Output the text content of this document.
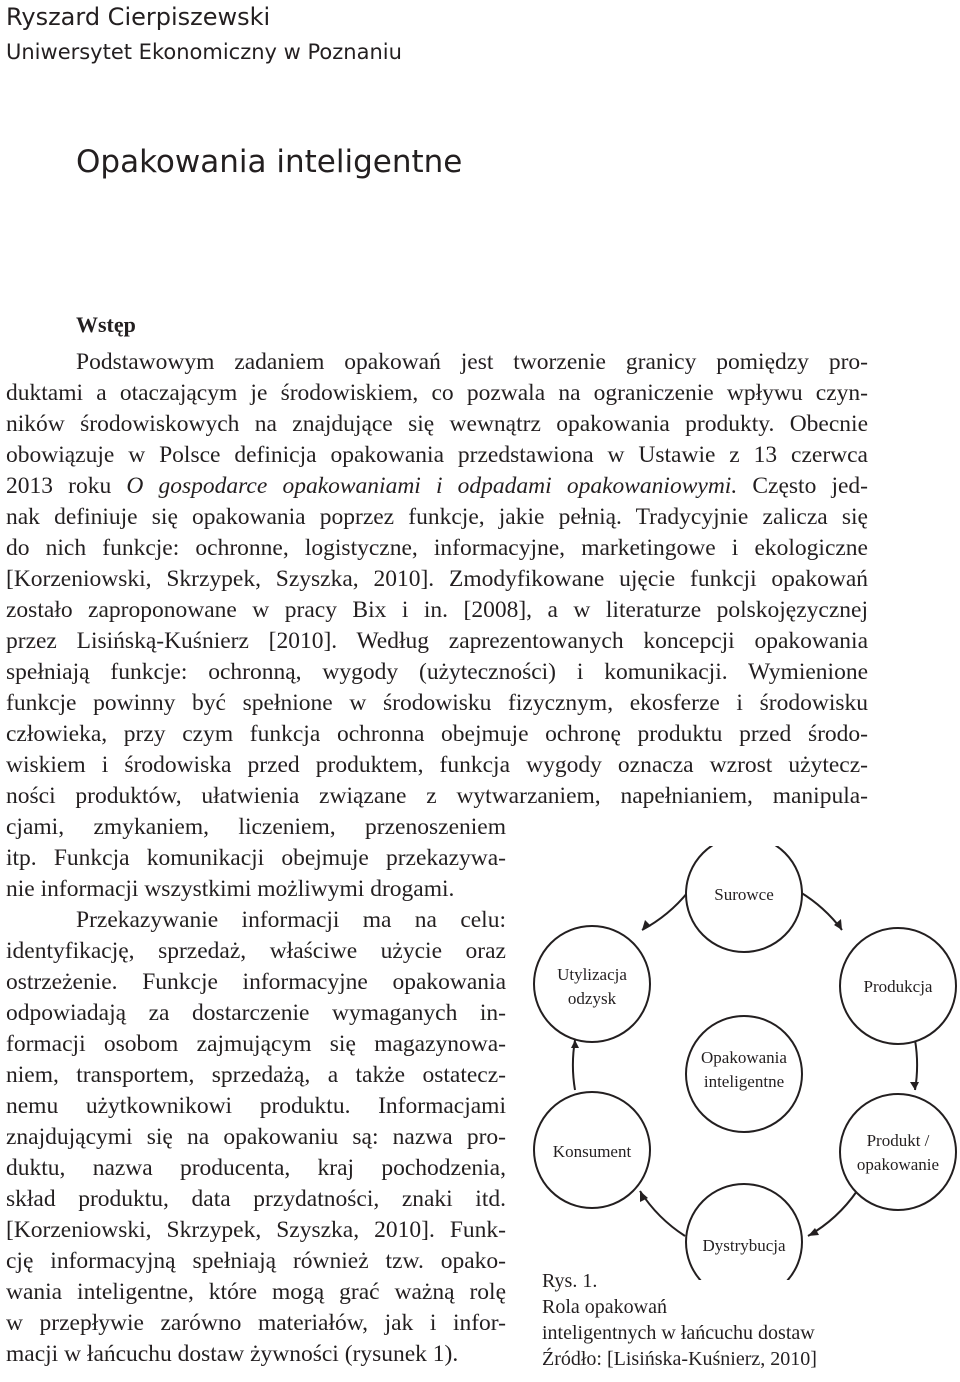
Ryszard Cierpiszewski
Uniwersytet Ekonomiczny w Poznaniu
Opakowania inteligentne
Wstęp
Podstawowym zadaniem opakowań jest tworzenie granicy pomiędzy pro-
duktami a otaczającym je środowiskiem, co pozwala na ograniczenie wpływu czyn-
ników środowiskowych na znajdujące się wewnątrz opakowania produkty. Obecnie
obowiązuje w Polsce definicja opakowania przedstawiona w Ustawie z 13 czerwca
2013 roku O gospodarce opakowaniami i odpadami opakowaniowymi. Często jed-
nak definiuje się opakowania poprzez funkcje, jakie pełnią. Tradycyjnie zalicza się
do nich funkcje: ochronne, logistyczne, informacyjne, marketingowe i ekologiczne
[Korzeniowski, Skrzypek, Szyszka, 2010]. Zmodyfikowane ujęcie funkcji opakowań
zostało zaproponowane w pracy Bix i in. [2008], a w literaturze polskojęzycznej
przez Lisińską-Kuśnierz [2010]. Według zaprezentowanych koncepcji opakowania
spełniają funkcje: ochronną, wygody (użyteczności) i komunikacji. Wymienione
funkcje powinny być spełnione w środowisku fizycznym, ekosferze i środowisku
człowieka, przy czym funkcja ochronna obejmuje ochronę produktu przed środo-
wiskiem i środowiska przed produktem, funkcja wygody oznacza wzrost użytecz-
ności produktów, ułatwienia związane z wytwarzaniem, napełnianiem, manipula-
cjami, zmykaniem, liczeniem, przenoszeniem
itp. Funkcja komunikacji obejmuje przekazywa-
nie informacji wszystkimi możliwymi drogami.
Przekazywanie informacji ma na celu:
identyfikację, sprzedaż, właściwe użycie oraz
ostrzeżenie. Funkcje informacyjne opakowania
odpowiadają za dostarczenie wymaganych in-
formacji osobom zajmującym się magazynowa-
niem, transportem, sprzedażą, a także ostatecz-
nemu użytkownikowi produktu. Informacjami
znajdującymi się na opakowaniu są: nazwa pro-
duktu, nazwa producenta, kraj pochodzenia,
skład produktu, data przydatności, znaki itd.
[Korzeniowski, Skrzypek, Szyszka, 2010]. Funk-
cję informacyjną spełniają również tzw. opako-
wania inteligentne, które mogą grać ważną rolę
w przepływie zarówno materiałów, jak i infor-
macji w łańcuchu dostaw żywności (rysunek 1).
Surowce
Utylizacja
odzysk
Produkcja
Opakowania
inteligentne
Konsument
Produkt /
opakowanie
Dystrybucja
Rys. 1.
Rola opakowań
inteligentnych w łańcuchu dostaw
Źródło: [Lisińska-Kuśnierz, 2010]
